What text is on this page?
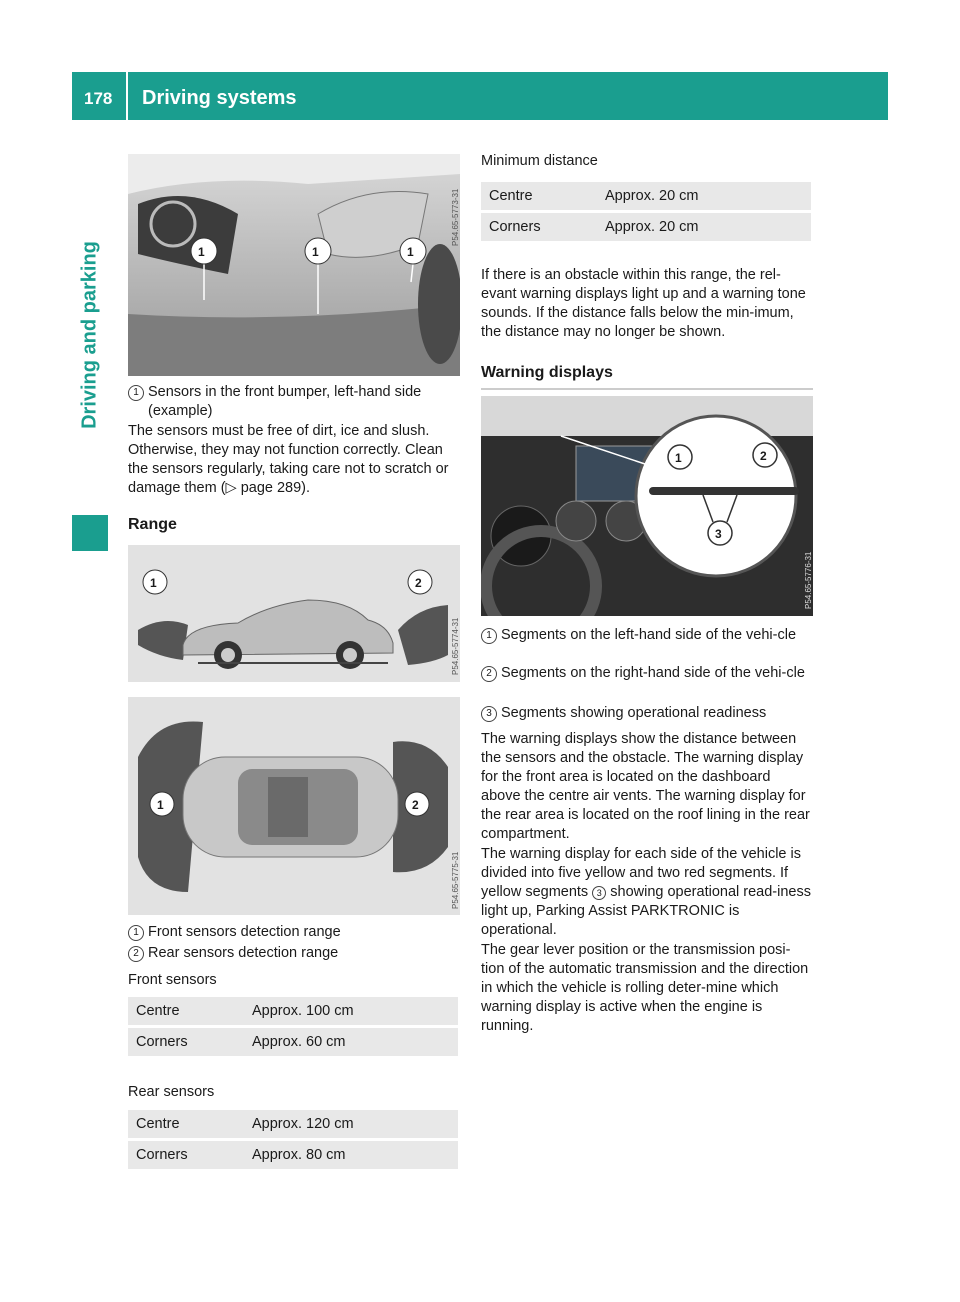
178 Driving systems
Driving and parking	1	1	1
P54.65-5773-31
1 Sensors in the front bumper, left-hand side (example)

The sensors must be free of dirt, ice and slush. Otherwise, they may not function correctly. Clean the sensors regularly, taking care not to scratch or damage them (▷ page 289).

Range
1	2
P54.65-5774-31
1	2
P54.65-5775-31
1 Front sensors detection range
2 Rear sensors detection range
Front sensors
Centre	Approx. 100 cm
Corners	Approx. 60 cm
Rear sensors
Centre	Approx. 120 cm
Corners	Approx. 80 cm
Minimum distance
Centre	Approx. 20 cm
Corners	Approx. 20 cm

If there is an obstacle within this range, the rel-evant warning displays light up and a warning tone sounds. If the distance falls below the min-imum, the distance may no longer be shown.

Warning displays
1	2
3
P54.65-5776-31
1 Segments on the left-hand side of the vehi-cle
2 Segments on the right-hand side of the vehi-cle
3 Segments showing operational readiness

The warning displays show the distance between the sensors and the obstacle. The warning display for the front area is located on the dashboard above the centre air vents. The warning display for the rear area is located on the roof lining in the rear compartment.

The warning display for each side of the vehicle is divided into five yellow and two red segments. If yellow segments 3 showing operational read-iness light up, Parking Assist PARKTRONIC is operational.

The gear lever position or the transmission posi-tion of the automatic transmission and the direction in which the vehicle is rolling deter-mine which warning display is active when the engine is running.
